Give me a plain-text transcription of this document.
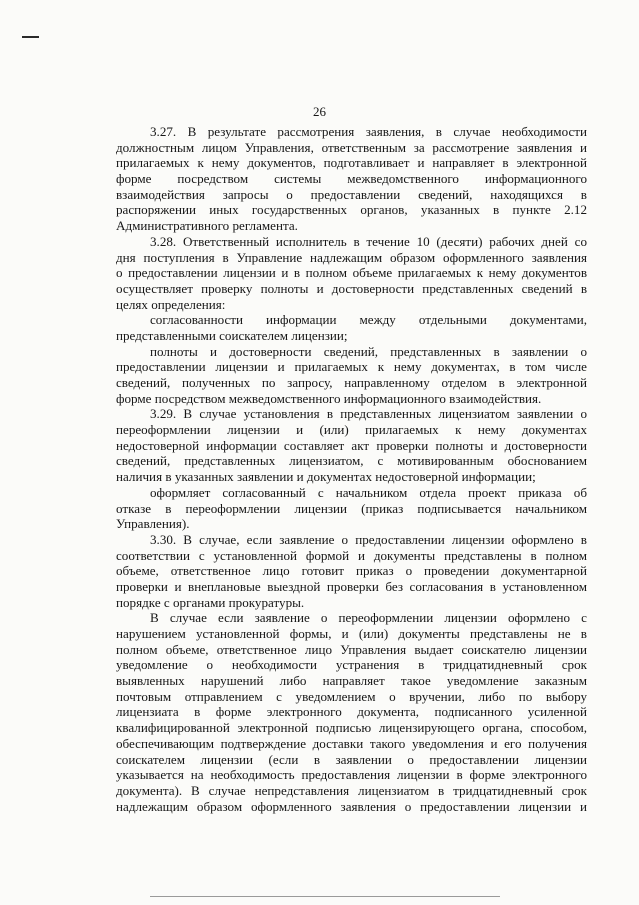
26
3.27. В результате рассмотрения заявления, в случае необходимости
должностным лицом Управления, ответственным за рассмотрение заявления и
прилагаемых к нему документов, подготавливает и направляет в электронной
форме посредством системы межведомственного информационного
взаимодействия запросы о предоставлении сведений, находящихся в
распоряжении иных государственных органов, указанных в пункте 2.12
Административного регламента.
3.28. Ответственный исполнитель в течение 10 (десяти) рабочих дней со
дня поступления в Управление надлежащим образом оформленного заявления
о предоставлении лицензии и в полном объеме прилагаемых к нему документов
осуществляет проверку полноты и достоверности представленных сведений в
целях определения:
согласованности информации между отдельными документами,
представленными соискателем лицензии;
полноты и достоверности сведений, представленных в заявлении о
предоставлении лицензии и прилагаемых к нему документах, в том числе
сведений, полученных по запросу, направленному отделом в электронной
форме посредством межведомственного информационного взаимодействия.
3.29. В случае установления в представленных лицензиатом заявлении о
переоформлении лицензии и (или) прилагаемых к нему документах
недостоверной информации составляет акт проверки полноты и достоверности
сведений, представленных лицензиатом, с мотивированным обоснованием
наличия в указанных заявлении и документах недостоверной информации;
оформляет согласованный с начальником отдела проект приказа об
отказе в переоформлении лицензии (приказ подписывается начальником
Управления).
3.30. В случае, если заявление о предоставлении лицензии оформлено в
соответствии с установленной формой и документы представлены в полном
объеме, ответственное лицо готовит приказ о проведении документарной
проверки и внеплановые выездной проверки без согласования в установленном
порядке с органами прокуратуры.
В случае если заявление о переоформлении лицензии оформлено с
нарушением установленной формы, и (или) документы представлены не в
полном объеме, ответственное лицо Управления выдает соискателю лицензии
уведомление о необходимости устранения в тридцатидневный срок
выявленных нарушений либо направляет такое уведомление заказным
почтовым отправлением с уведомлением о вручении, либо по выбору
лицензиата в форме электронного документа, подписанного усиленной
квалифицированной электронной подписью лицензирующего органа, способом,
обеспечивающим подтверждение доставки такого уведомления и его получения
соискателем лицензии (если в заявлении о предоставлении лицензии
указывается на необходимость предоставления лицензии в форме электронного
документа). В случае непредставления лицензиатом в тридцатидневный срок
надлежащим образом оформленного заявления о предоставлении лицензии и
